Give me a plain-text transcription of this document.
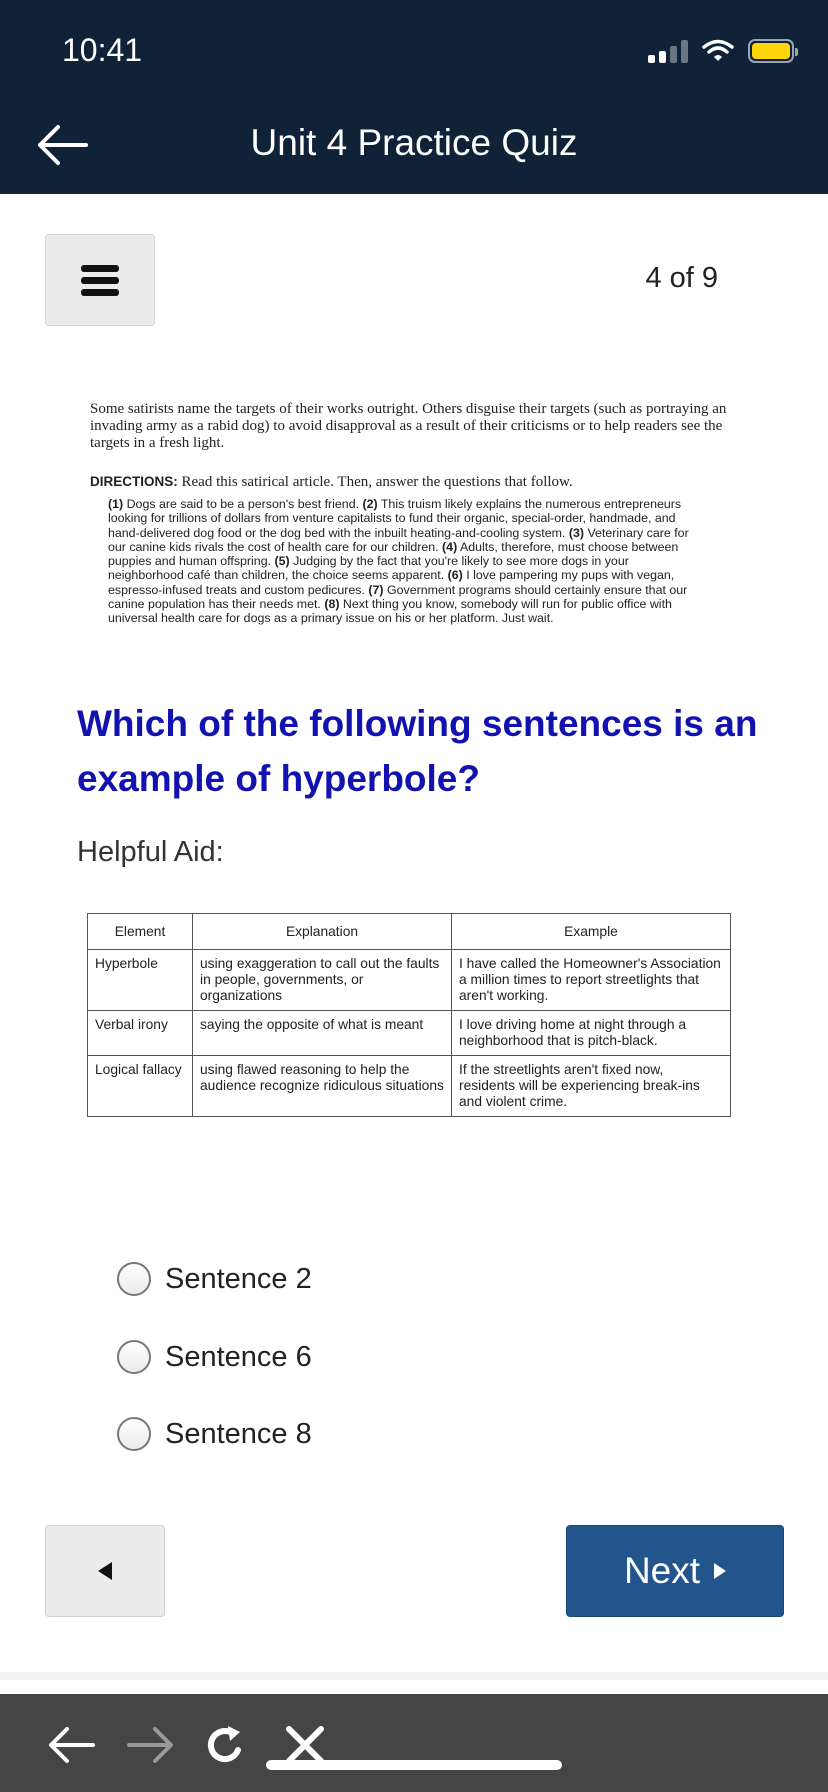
10:41
Unit 4 Practice Quiz
4 of 9

Some satirists name the targets of their works outright. Others disguise their targets (such as portraying an invading army as a rabid dog) to avoid disapproval as a result of their criticisms or to help readers see the targets in a fresh light.

DIRECTIONS: Read this satirical article. Then, answer the questions that follow.

(1) Dogs are said to be a person's best friend. (2) This truism likely explains the numerous entrepreneurs looking for trillions of dollars from venture capitalists to fund their organic, special-order, handmade, and hand-delivered dog food or the dog bed with the inbuilt heating-and-cooling system. (3) Veterinary care for our canine kids rivals the cost of health care for our children. (4) Adults, therefore, must choose between puppies and human offspring. (5) Judging by the fact that you're likely to see more dogs in your neighborhood café than children, the choice seems apparent. (6) I love pampering my pups with vegan, espresso-infused treats and custom pedicures. (7) Government programs should certainly ensure that our canine population has their needs met. (8) Next thing you know, somebody will run for public office with universal health care for dogs as a primary issue on his or her platform. Just wait.

Which of the following sentences is an example of hyperbole?
Helpful Aid:
Element	Explanation	Example
Hyperbole	using exaggeration to call out the faults in people, governments, or organizations	I have called the Homeowner's Association a million times to report streetlights that aren't working.
Verbal irony	saying the opposite of what is meant	I love driving home at night through a neighborhood that is pitch-black.
Logical fallacy	using flawed reasoning to help the audience recognize ridiculous situations	If the streetlights aren't fixed now, residents will be experiencing break-ins and violent crime.
Sentence 2
Sentence 6
Sentence 8
Next
